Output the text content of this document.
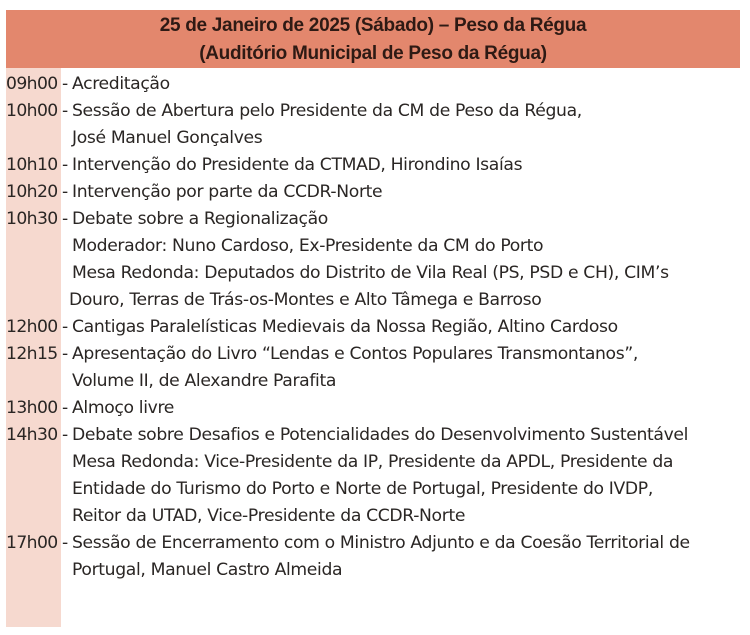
25 de Janeiro de 2025 (Sábado) – Peso da Régua
(Auditório Municipal de Peso da Régua)
09h00 - Acreditação
10h00 - Sessão de Abertura pelo Presidente da CM de Peso da Régua,
José Manuel Gonçalves
10h10 - Intervenção do Presidente da CTMAD, Hirondino Isaías
10h20 - Intervenção por parte da CCDR-Norte
10h30 - Debate sobre a Regionalização
Moderador: Nuno Cardoso, Ex-Presidente da CM do Porto
Mesa Redonda: Deputados do Distrito de Vila Real (PS, PSD e CH), CIM’s
Douro, Terras de Trás-os-Montes e Alto Tâmega e Barroso
12h00 - Cantigas Paralelísticas Medievais da Nossa Região, Altino Cardoso
12h15 - Apresentação do Livro “Lendas e Contos Populares Transmontanos”,
Volume II, de Alexandre Parafita
13h00 - Almoço livre
14h30 - Debate sobre Desafios e Potencialidades do Desenvolvimento Sustentável
Mesa Redonda: Vice-Presidente da IP, Presidente da APDL, Presidente da
Entidade do Turismo do Porto e Norte de Portugal, Presidente do IVDP,
Reitor da UTAD, Vice-Presidente da CCDR-Norte
17h00 - Sessão de Encerramento com o Ministro Adjunto e da Coesão Territorial de
Portugal, Manuel Castro Almeida
